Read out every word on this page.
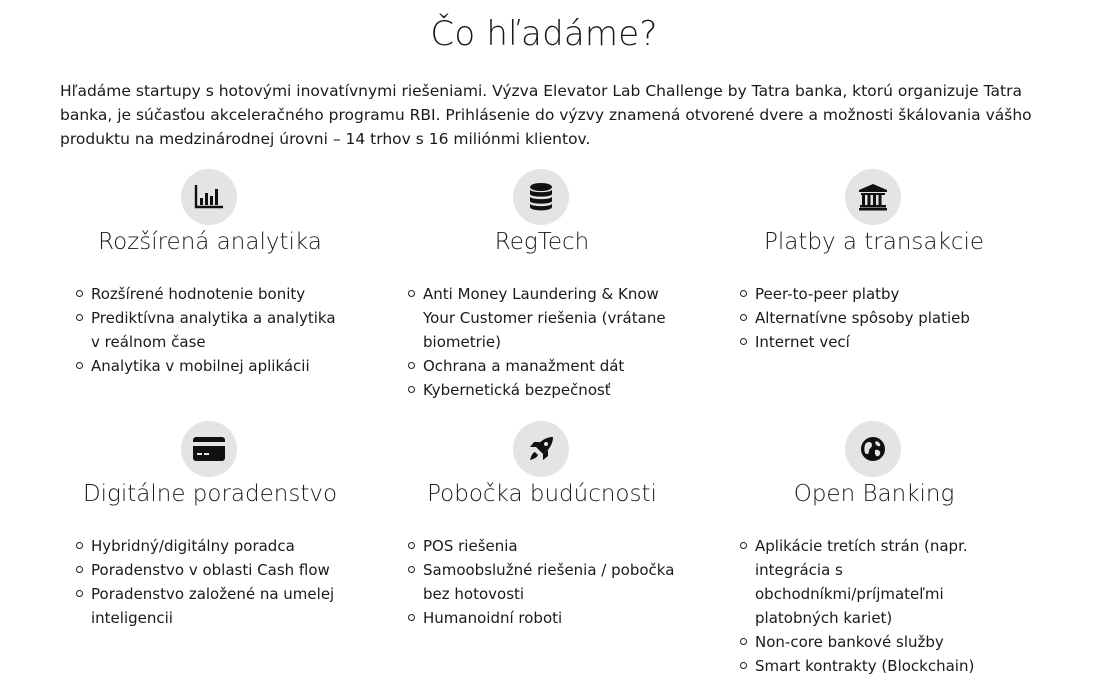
Čo hľadáme?

Hľadáme startupy s hotovými inovatívnymi riešeniami. Výzva Elevator Lab Challenge by Tatra banka, ktorú organizuje Tatra banka, je súčasťou akceleračného programu RBI. Prihlásenie do výzvy znamená otvorené dvere a možnosti škálovania vášho produktu na medzinárodnej úrovni – 14 trhov s 16 miliónmi klientov.

Rozšírená analytika
Rozšírené hodnotenie bonity
Prediktívna analytika a analytika v reálnom čase
Analytika v mobilnej aplikácii
RegTech
Anti Money Laundering & Know Your Customer riešenia (vrátane biometrie)
Ochrana a manažment dát
Kybernetická bezpečnosť
Platby a transakcie
Peer-to-peer platby
Alternatívne spôsoby platieb
Internet vecí
Digitálne poradenstvo
Hybridný/digitálny poradca
Poradenstvo v oblasti Cash flow
Poradenstvo založené na umelej inteligencii
Pobočka budúcnosti
POS riešenia
Samoobslužné riešenia / pobočka bez hotovosti
Humanoidní roboti
Open Banking
Aplikácie tretích strán (napr. integrácia s obchodníkmi/príjmateľmi platobných kariet)
Non-core bankové služby
Smart kontrakty (Blockchain)
